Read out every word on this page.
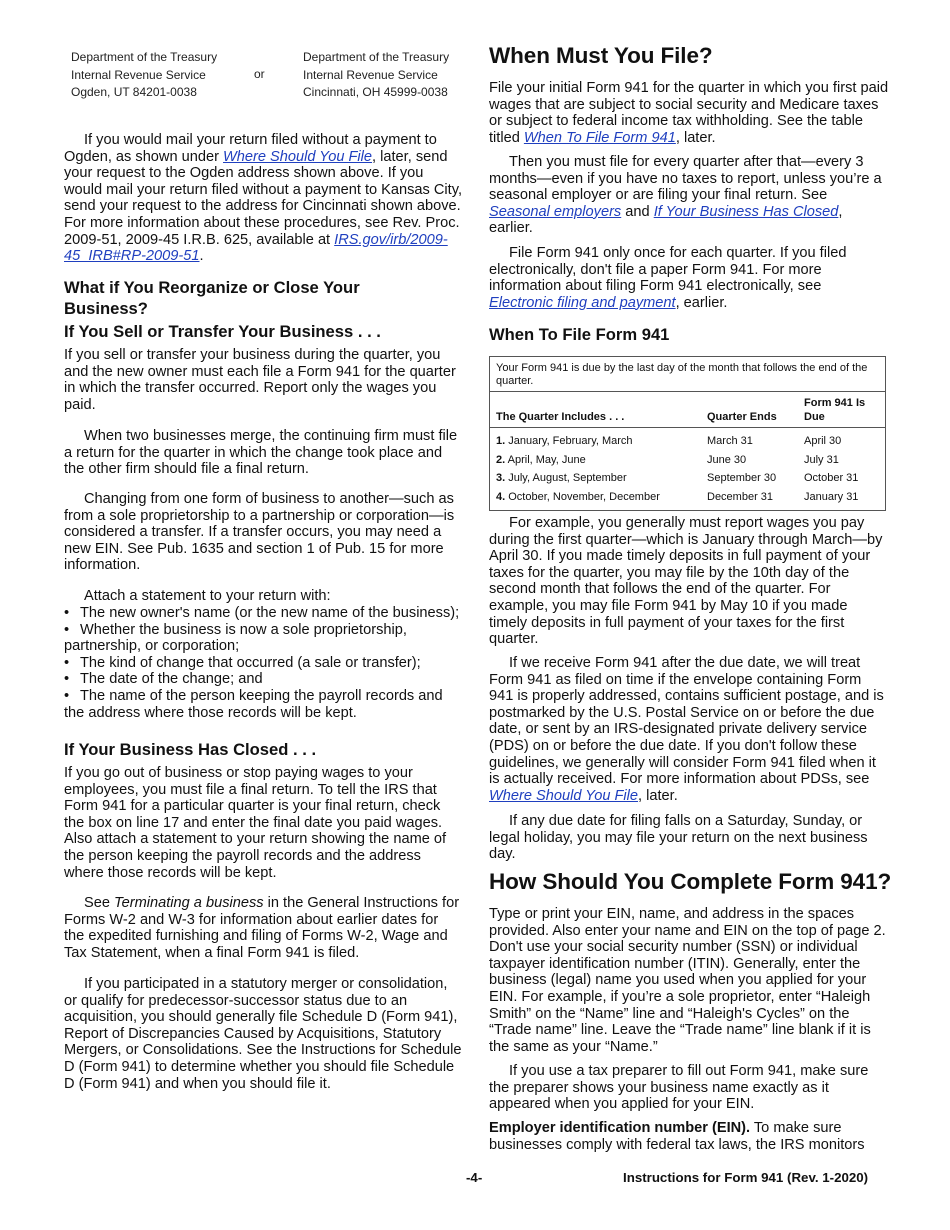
Department of the Treasury
Internal Revenue Service
Ogden, UT 84201-0038
or
Department of the Treasury
Internal Revenue Service
Cincinnati, OH 45999-0038

If you would mail your return filed without a payment to Ogden, as shown under Where Should You File, later, send your request to the Ogden address shown above. If you would mail your return filed without a payment to Kansas City, send your request to the address for Cincinnati shown above. For more information about these procedures, see Rev. Proc. 2009-51, 2009-45 I.R.B. 625, available at IRS.gov/irb/2009-45_IRB#RP-2009-51.

What if You Reorganize or Close Your Business?
If You Sell or Transfer Your Business . . .

If you sell or transfer your business during the quarter, you and the new owner must each file a Form 941 for the quarter in which the transfer occurred. Report only the wages you paid.

When two businesses merge, the continuing firm must file a return for the quarter in which the change took place and the other firm should file a final return.

Changing from one form of business to another—such as from a sole proprietorship to a partnership or corporation—is considered a transfer. If a transfer occurs, you may need a new EIN. See Pub. 1635 and section 1 of Pub. 15 for more information.

Attach a statement to your return with:

• The new owner's name (or the new name of the business);

• Whether the business is now a sole proprietorship, partnership, or corporation;

• The kind of change that occurred (a sale or transfer);

• The date of the change; and

• The name of the person keeping the payroll records and the address where those records will be kept.

If Your Business Has Closed . . .

If you go out of business or stop paying wages to your employees, you must file a final return. To tell the IRS that Form 941 for a particular quarter is your final return, check the box on line 17 and enter the final date you paid wages. Also attach a statement to your return showing the name of the person keeping the payroll records and the address where those records will be kept.

See Terminating a business in the General Instructions for Forms W-2 and W-3 for information about earlier dates for the expedited furnishing and filing of Forms W-2, Wage and Tax Statement, when a final Form 941 is filed.

If you participated in a statutory merger or consolidation, or qualify for predecessor-successor status due to an acquisition, you should generally file Schedule D (Form 941), Report of Discrepancies Caused by Acquisitions, Statutory Mergers, or Consolidations. See the Instructions for Schedule D (Form 941) to determine whether you should file Schedule D (Form 941) and when you should file it.

When Must You File?

File your initial Form 941 for the quarter in which you first paid wages that are subject to social security and Medicare taxes or subject to federal income tax withholding. See the table titled When To File Form 941, later.

Then you must file for every quarter after that—every 3 months—even if you have no taxes to report, unless you’re a seasonal employer or are filing your final return. See Seasonal employers and If Your Business Has Closed, earlier.

File Form 941 only once for each quarter. If you filed electronically, don't file a paper Form 941. For more information about filing Form 941 electronically, see Electronic filing and payment, earlier.

When To File Form 941
Your Form 941 is due by the last day of the month that follows the end of the quarter.
The Quarter Includes . . .	Quarter Ends	Form 941 Is Due
1. January, February, March	March 31	April 30
2. April, May, June	June 30	July 31
3. July, August, September	September 30	October 31
4. October, November, December	December 31	January 31

For example, you generally must report wages you pay during the first quarter—which is January through March—by April 30. If you made timely deposits in full payment of your taxes for the quarter, you may file by the 10th day of the second month that follows the end of the quarter. For example, you may file Form 941 by May 10 if you made timely deposits in full payment of your taxes for the first quarter.

If we receive Form 941 after the due date, we will treat Form 941 as filed on time if the envelope containing Form 941 is properly addressed, contains sufficient postage, and is postmarked by the U.S. Postal Service on or before the due date, or sent by an IRS-designated private delivery service (PDS) on or before the due date. If you don't follow these guidelines, we generally will consider Form 941 filed when it is actually received. For more information about PDSs, see Where Should You File, later.

If any due date for filing falls on a Saturday, Sunday, or legal holiday, you may file your return on the next business day.

How Should You Complete Form 941?

Type or print your EIN, name, and address in the spaces provided. Also enter your name and EIN on the top of page 2. Don't use your social security number (SSN) or individual taxpayer identification number (ITIN). Generally, enter the business (legal) name you used when you applied for your EIN. For example, if you’re a sole proprietor, enter “Haleigh Smith” on the “Name” line and “Haleigh's Cycles” on the “Trade name” line. Leave the “Trade name” line blank if it is the same as your “Name.”

If you use a tax preparer to fill out Form 941, make sure the preparer shows your business name exactly as it appeared when you applied for your EIN.

Employer identification number (EIN). To make sure businesses comply with federal tax laws, the IRS monitors

-4-	Instructions for Form 941 (Rev. 1-2020)
